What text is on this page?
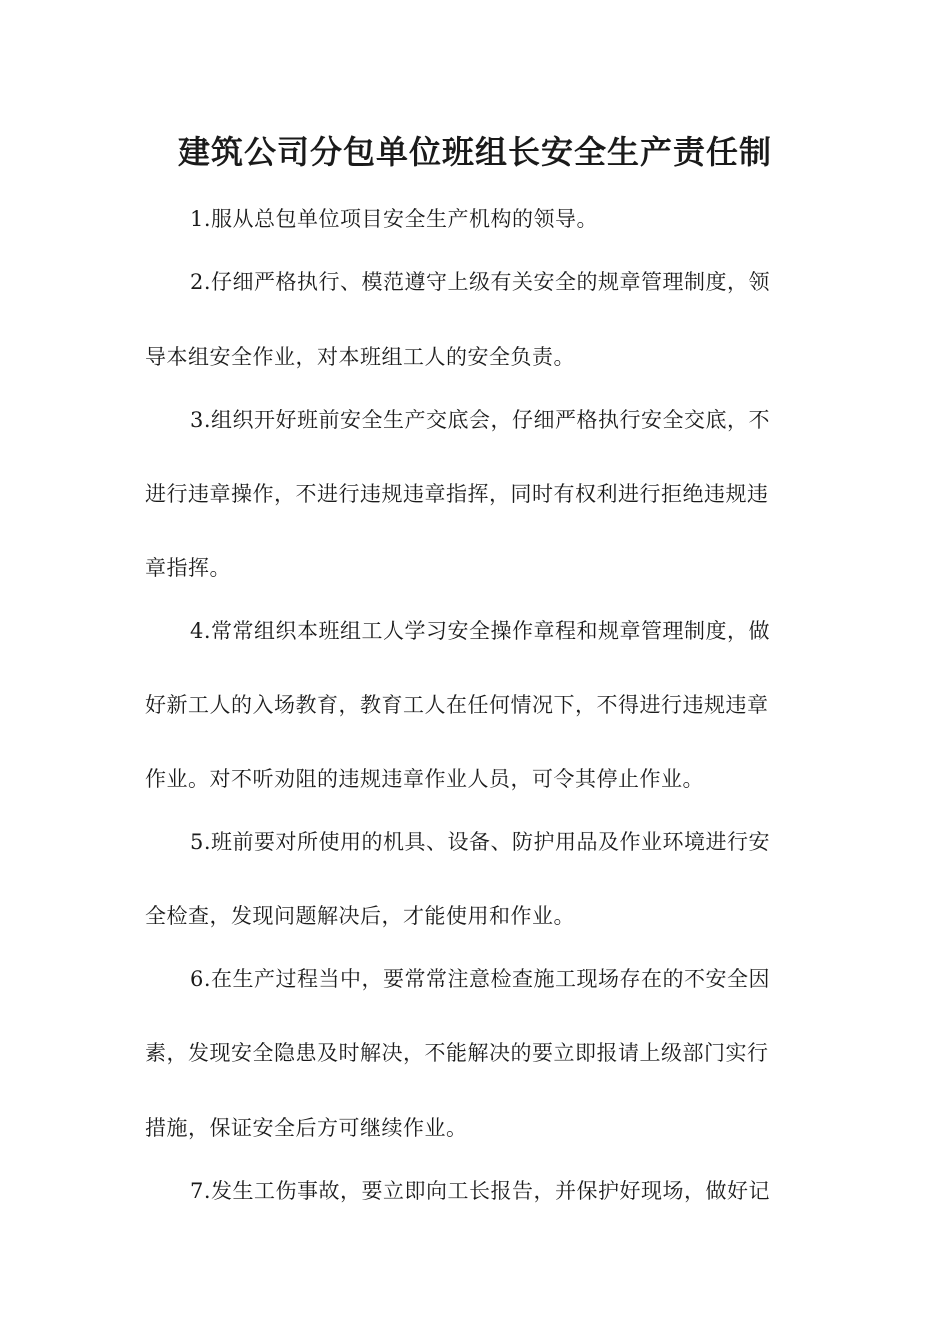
建筑公司分包单位班组长安全生产责任制
1.服从总包单位项目安全生产机构的领导。
2.仔细严格执行、模范遵守上级有关安全的规章管理制度，领
导本组安全作业，对本班组工人的安全负责。
3.组织开好班前安全生产交底会，仔细严格执行安全交底，不
进行违章操作，不进行违规违章指挥，同时有权利进行拒绝违规违
章指挥。
4.常常组织本班组工人学习安全操作章程和规章管理制度，做
好新工人的入场教育，教育工人在任何情况下，不得进行违规违章
作业。对不听劝阻的违规违章作业人员，可令其停止作业。
5.班前要对所使用的机具、设备、防护用品及作业环境进行安
全检查，发现问题解决后，才能使用和作业。
6.在生产过程当中，要常常注意检查施工现场存在的不安全因
素，发现安全隐患及时解决，不能解决的要立即报请上级部门实行
措施，保证安全后方可继续作业。
7.发生工伤事故，要立即向工长报告，并保护好现场，做好记
